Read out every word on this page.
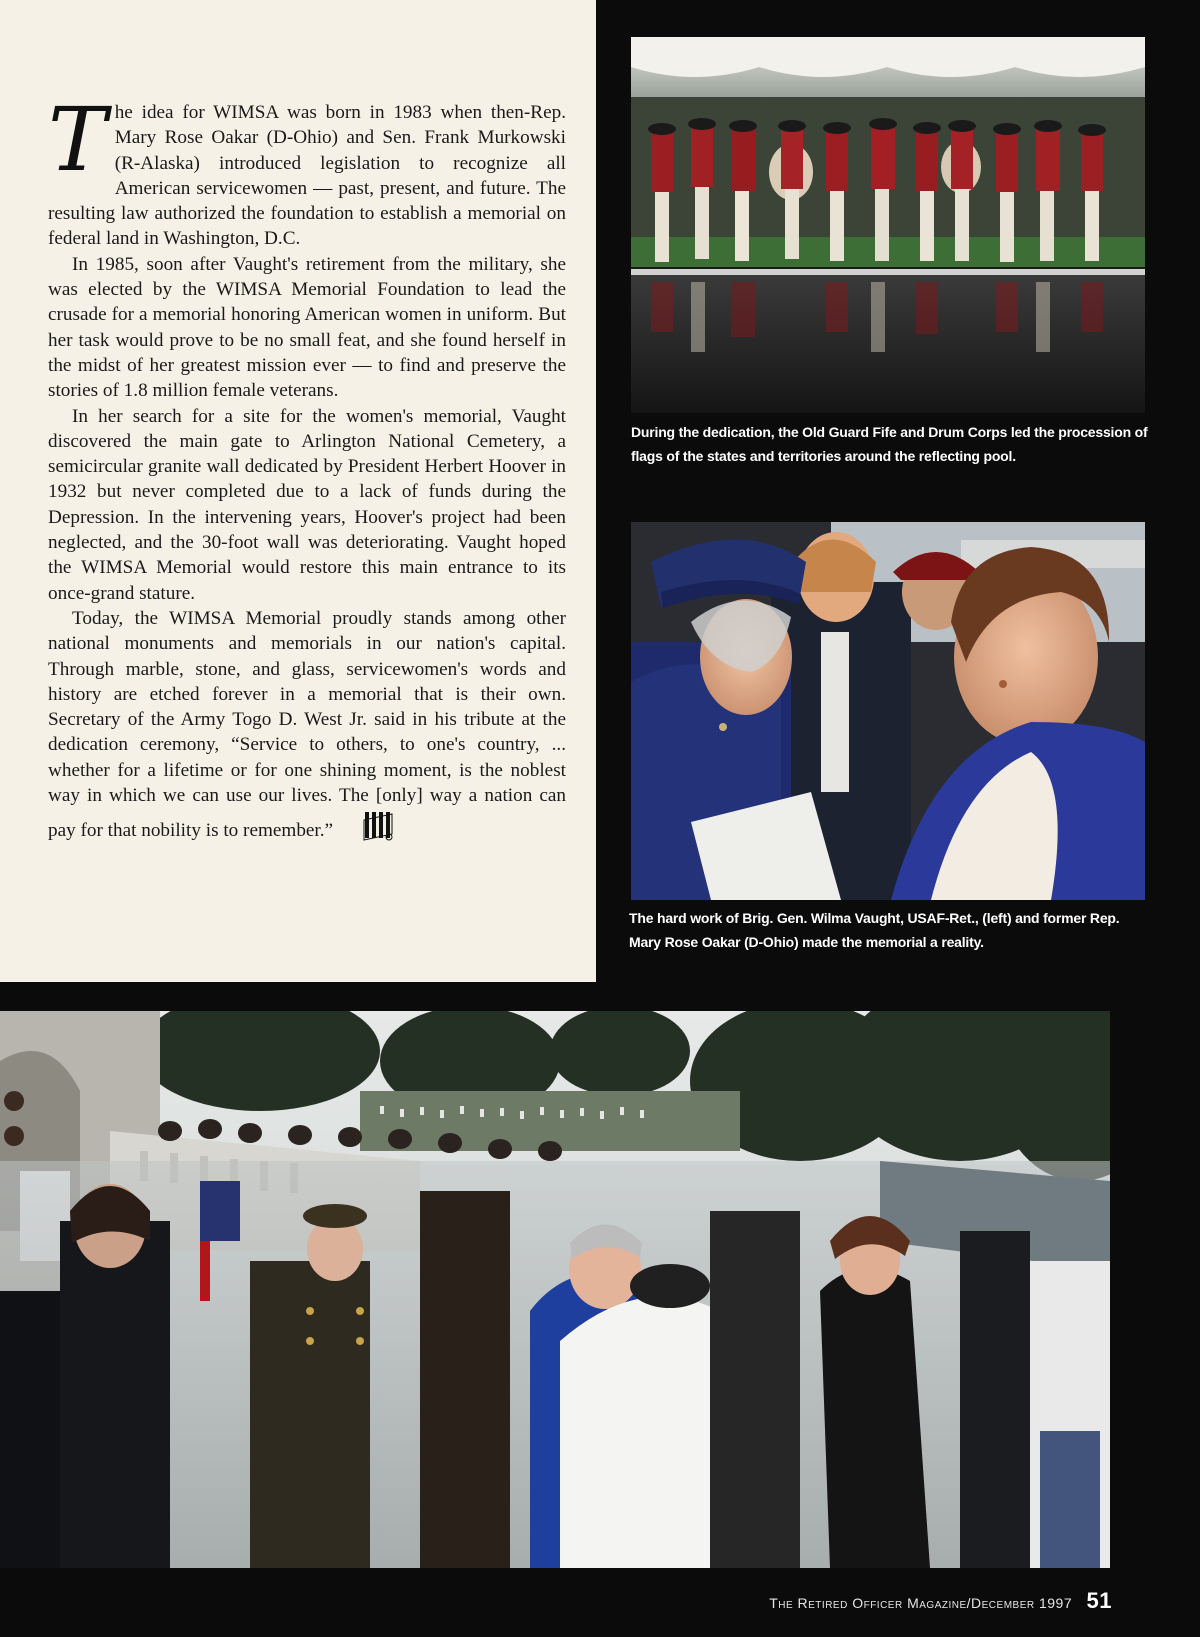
The idea for WIMSA was born in 1983 when then-Rep. Mary Rose Oakar (D-Ohio) and Sen. Frank Murkowski (R-Alaska) introduced legislation to recognize all American servicewomen — past, present, and future. The resulting law authorized the foundation to establish a memorial on federal land in Washington, D.C.

In 1985, soon after Vaught's retirement from the military, she was elected by the WIMSA Memorial Foundation to lead the crusade for a memorial honoring American women in uniform. But her task would prove to be no small feat, and she found herself in the midst of her greatest mission ever — to find and preserve the stories of 1.8 million female veterans.

In her search for a site for the women's memorial, Vaught discovered the main gate to Arlington National Cemetery, a semicircular granite wall dedicated by President Herbert Hoover in 1932 but never completed due to a lack of funds during the Depression. In the intervening years, Hoover's project had been neglected, and the 30-foot wall was deteriorating. Vaught hoped the WIMSA Memorial would restore this main entrance to its once-grand stature.

Today, the WIMSA Memorial proudly stands among other national monuments and memorials in our nation's capital. Through marble, stone, and glass, servicewomen's words and history are etched forever in a memorial that is their own. Secretary of the Army Togo D. West Jr. said in his tribute at the dedication ceremony, “Service to others, to one's country, ... whether for a lifetime or for one shining moment, is the noblest way in which we can use our lives. The [only] way a nation can pay for that nobility is to remember.”

During the dedication, the Old Guard Fife and Drum Corps led the procession of flags of the states and territories around the reflecting pool.
The hard work of Brig. Gen. Wilma Vaught, USAF-Ret., (left) and former Rep. Mary Rose Oakar (D-Ohio) made the memorial a reality.
The Retired Officer Magazine/December 1997 51
